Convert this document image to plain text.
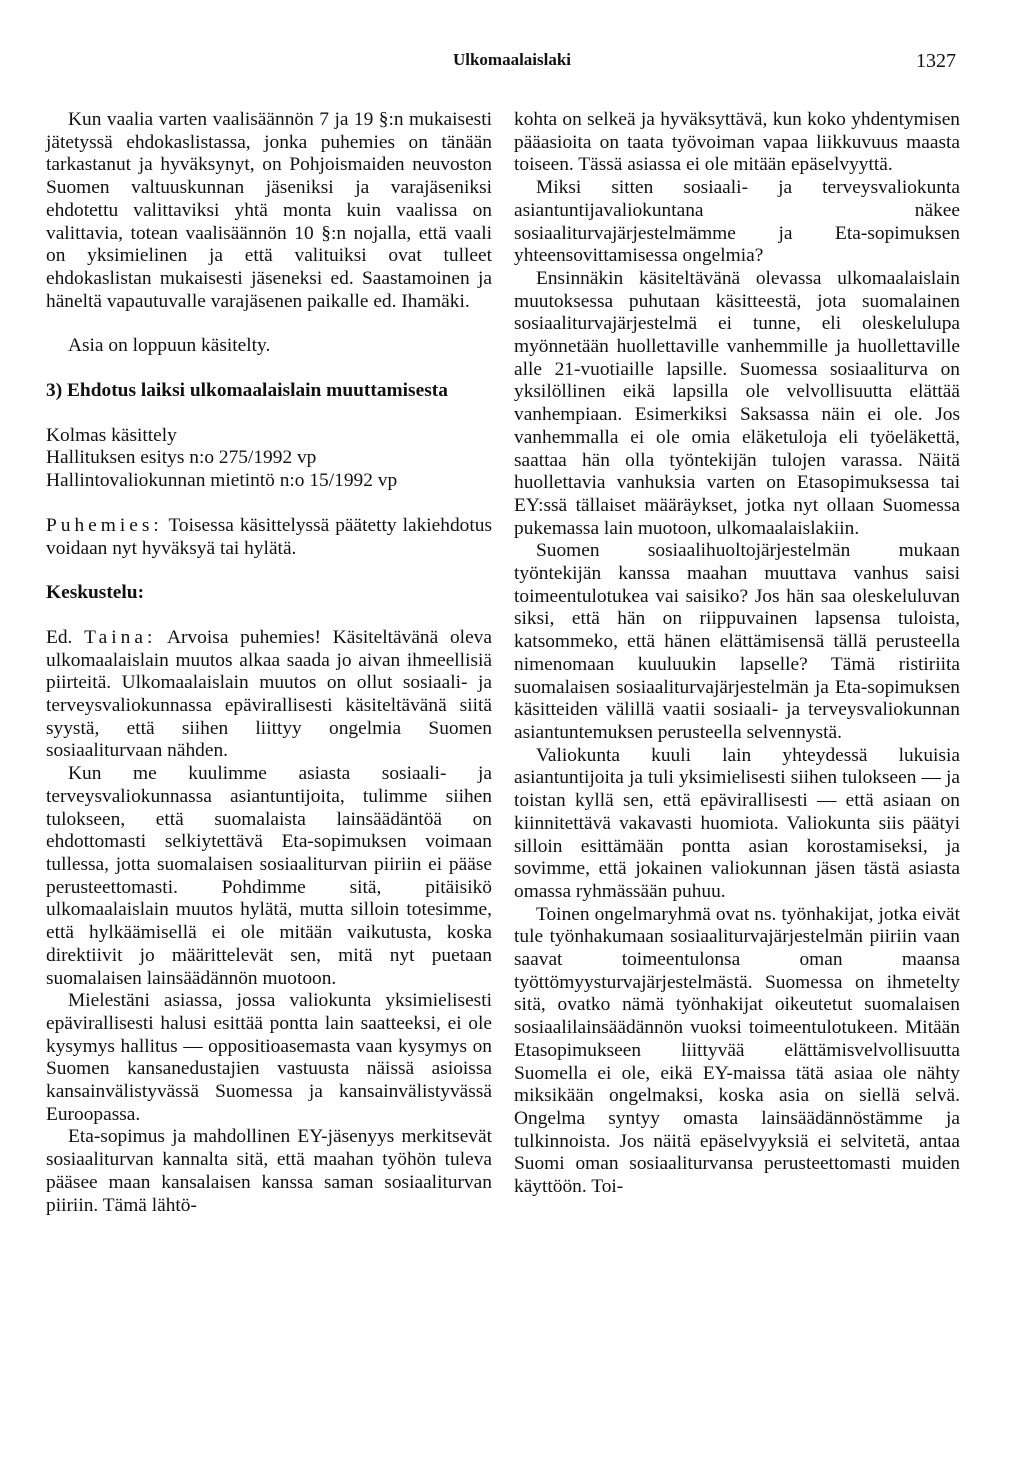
Ulkomaalaislaki	1327

Kun vaalia varten vaalisäännön 7 ja 19 §:n mukaisesti jätetyssä ehdokaslistassa, jonka puhemies on tänään tarkastanut ja hyväksynyt, on Pohjoismaiden neuvoston Suomen valtuuskunnan jäseniksi ja varajäseniksi ehdotettu valittaviksi yhtä monta kuin vaalissa on valittavia, totean vaalisäännön 10 §:n nojalla, että vaali on yksimielinen ja että valituiksi ovat tulleet ehdokaslistan mukaisesti jäseneksi ed. Saastamoinen ja häneltä vapautuvalle varajäsenen paikalle ed. Ihamäki.

Asia on loppuun käsitelty.

3) Ehdotus laiksi ulkomaalaislain muuttamisesta

Kolmas käsittely

Hallituksen esitys n:o 275/1992 vp

Hallintovaliokunnan mietintö n:o 15/1992 vp

Puhemies: Toisessa käsittelyssä päätetty lakiehdotus voidaan nyt hyväksyä tai hylätä.

Keskustelu:

Ed. Taina: Arvoisa puhemies! Käsiteltävänä oleva ulkomaalaislain muutos alkaa saada jo aivan ihmeellisiä piirteitä. Ulkomaalaislain muutos on ollut sosiaali- ja terveysvaliokunnassa epävirallisesti käsiteltävänä siitä syystä, että siihen liittyy ongelmia Suomen sosiaaliturvaan nähden.

Kun me kuulimme asiasta sosiaali- ja terveysvaliokunnassa asiantuntijoita, tulimme siihen tulokseen, että suomalaista lainsäädäntöä on ehdottomasti selkiytettävä Eta-sopimuksen voimaan tullessa, jotta suomalaisen sosiaaliturvan piiriin ei pääse perusteettomasti. Pohdimme sitä, pitäisikö ulkomaalaislain muutos hylätä, mutta silloin totesimme, että hylkäämisellä ei ole mitään vaikutusta, koska direktiivit jo määrittelevät sen, mitä nyt puetaan suomalaisen lainsäädännön muotoon.

Mielestäni asiassa, jossa valiokunta yksimielisesti epävirallisesti halusi esittää pontta lain saatteeksi, ei ole kysymys hallitus — oppositioasemasta vaan kysymys on Suomen kansanedustajien vastuusta näissä asioissa kansainvälistyvässä Suomessa ja kansainvälistyvässä Euroopassa.

Eta-sopimus ja mahdollinen EY-jäsenyys merkitsevät sosiaaliturvan kannalta sitä, että maahan työhön tuleva pääsee maan kansalaisen kanssa saman sosiaaliturvan piiriin. Tämä lähtö-

kohta on selkeä ja hyväksyttävä, kun koko yhdentymisen pääasioita on taata työvoiman vapaa liikkuvuus maasta toiseen. Tässä asiassa ei ole mitään epäselvyyttä.

Miksi sitten sosiaali- ja terveysvaliokunta asiantuntijavaliokuntana näkee sosiaaliturvajärjestelmämme ja Eta-sopimuksen yhteensovittamisessa ongelmia?

Ensinnäkin käsiteltävänä olevassa ulkomaalaislain muutoksessa puhutaan käsitteestä, jota suomalainen sosiaaliturvajärjestelmä ei tunne, eli oleskelulupa myönnetään huollettaville vanhemmille ja huollettaville alle 21-vuotiaille lapsille. Suomessa sosiaaliturva on yksilöllinen eikä lapsilla ole velvollisuutta elättää vanhempiaan. Esimerkiksi Saksassa näin ei ole. Jos vanhemmalla ei ole omia eläketuloja eli työeläkettä, saattaa hän olla työntekijän tulojen varassa. Näitä huollettavia vanhuksia varten on Etasopimuksessa tai EY:ssä tällaiset määräykset, jotka nyt ollaan Suomessa pukemassa lain muotoon, ulkomaalaislakiin.

Suomen sosiaalihuoltojärjestelmän mukaan työntekijän kanssa maahan muuttava vanhus saisi toimeentulotukea vai saisiko? Jos hän saa oleskeluluvan siksi, että hän on riippuvainen lapsensa tuloista, katsommeko, että hänen elättämisensä tällä perusteella nimenomaan kuuluukin lapselle? Tämä ristiriita suomalaisen sosiaaliturvajärjestelmän ja Eta-sopimuksen käsitteiden välillä vaatii sosiaali- ja terveysvaliokunnan asiantuntemuksen perusteella selvennystä.

Valiokunta kuuli lain yhteydessä lukuisia asiantuntijoita ja tuli yksimielisesti siihen tulokseen — ja toistan kyllä sen, että epävirallisesti — että asiaan on kiinnitettävä vakavasti huomiota. Valiokunta siis päätyi silloin esittämään pontta asian korostamiseksi, ja sovimme, että jokainen valiokunnan jäsen tästä asiasta omassa ryhmässään puhuu.

Toinen ongelmaryhmä ovat ns. työnhakijat, jotka eivät tule työnhakumaan sosiaaliturvajärjestelmän piiriin vaan saavat toimeentulonsa oman maansa työttömyysturvajärjestelmästä. Suomessa on ihmetelty sitä, ovatko nämä työnhakijat oikeutetut suomalaisen sosiaalilainsäädännön vuoksi toimeentulotukeen. Mitään Etasopimukseen liittyvää elättämisvelvollisuutta Suomella ei ole, eikä EY-maissa tätä asiaa ole nähty miksikään ongelmaksi, koska asia on siellä selvä. Ongelma syntyy omasta lainsäädännöstämme ja tulkinnoista. Jos näitä epäselvyyksiä ei selvitetä, antaa Suomi oman sosiaaliturvansa perusteettomasti muiden käyttöön. Toi-
